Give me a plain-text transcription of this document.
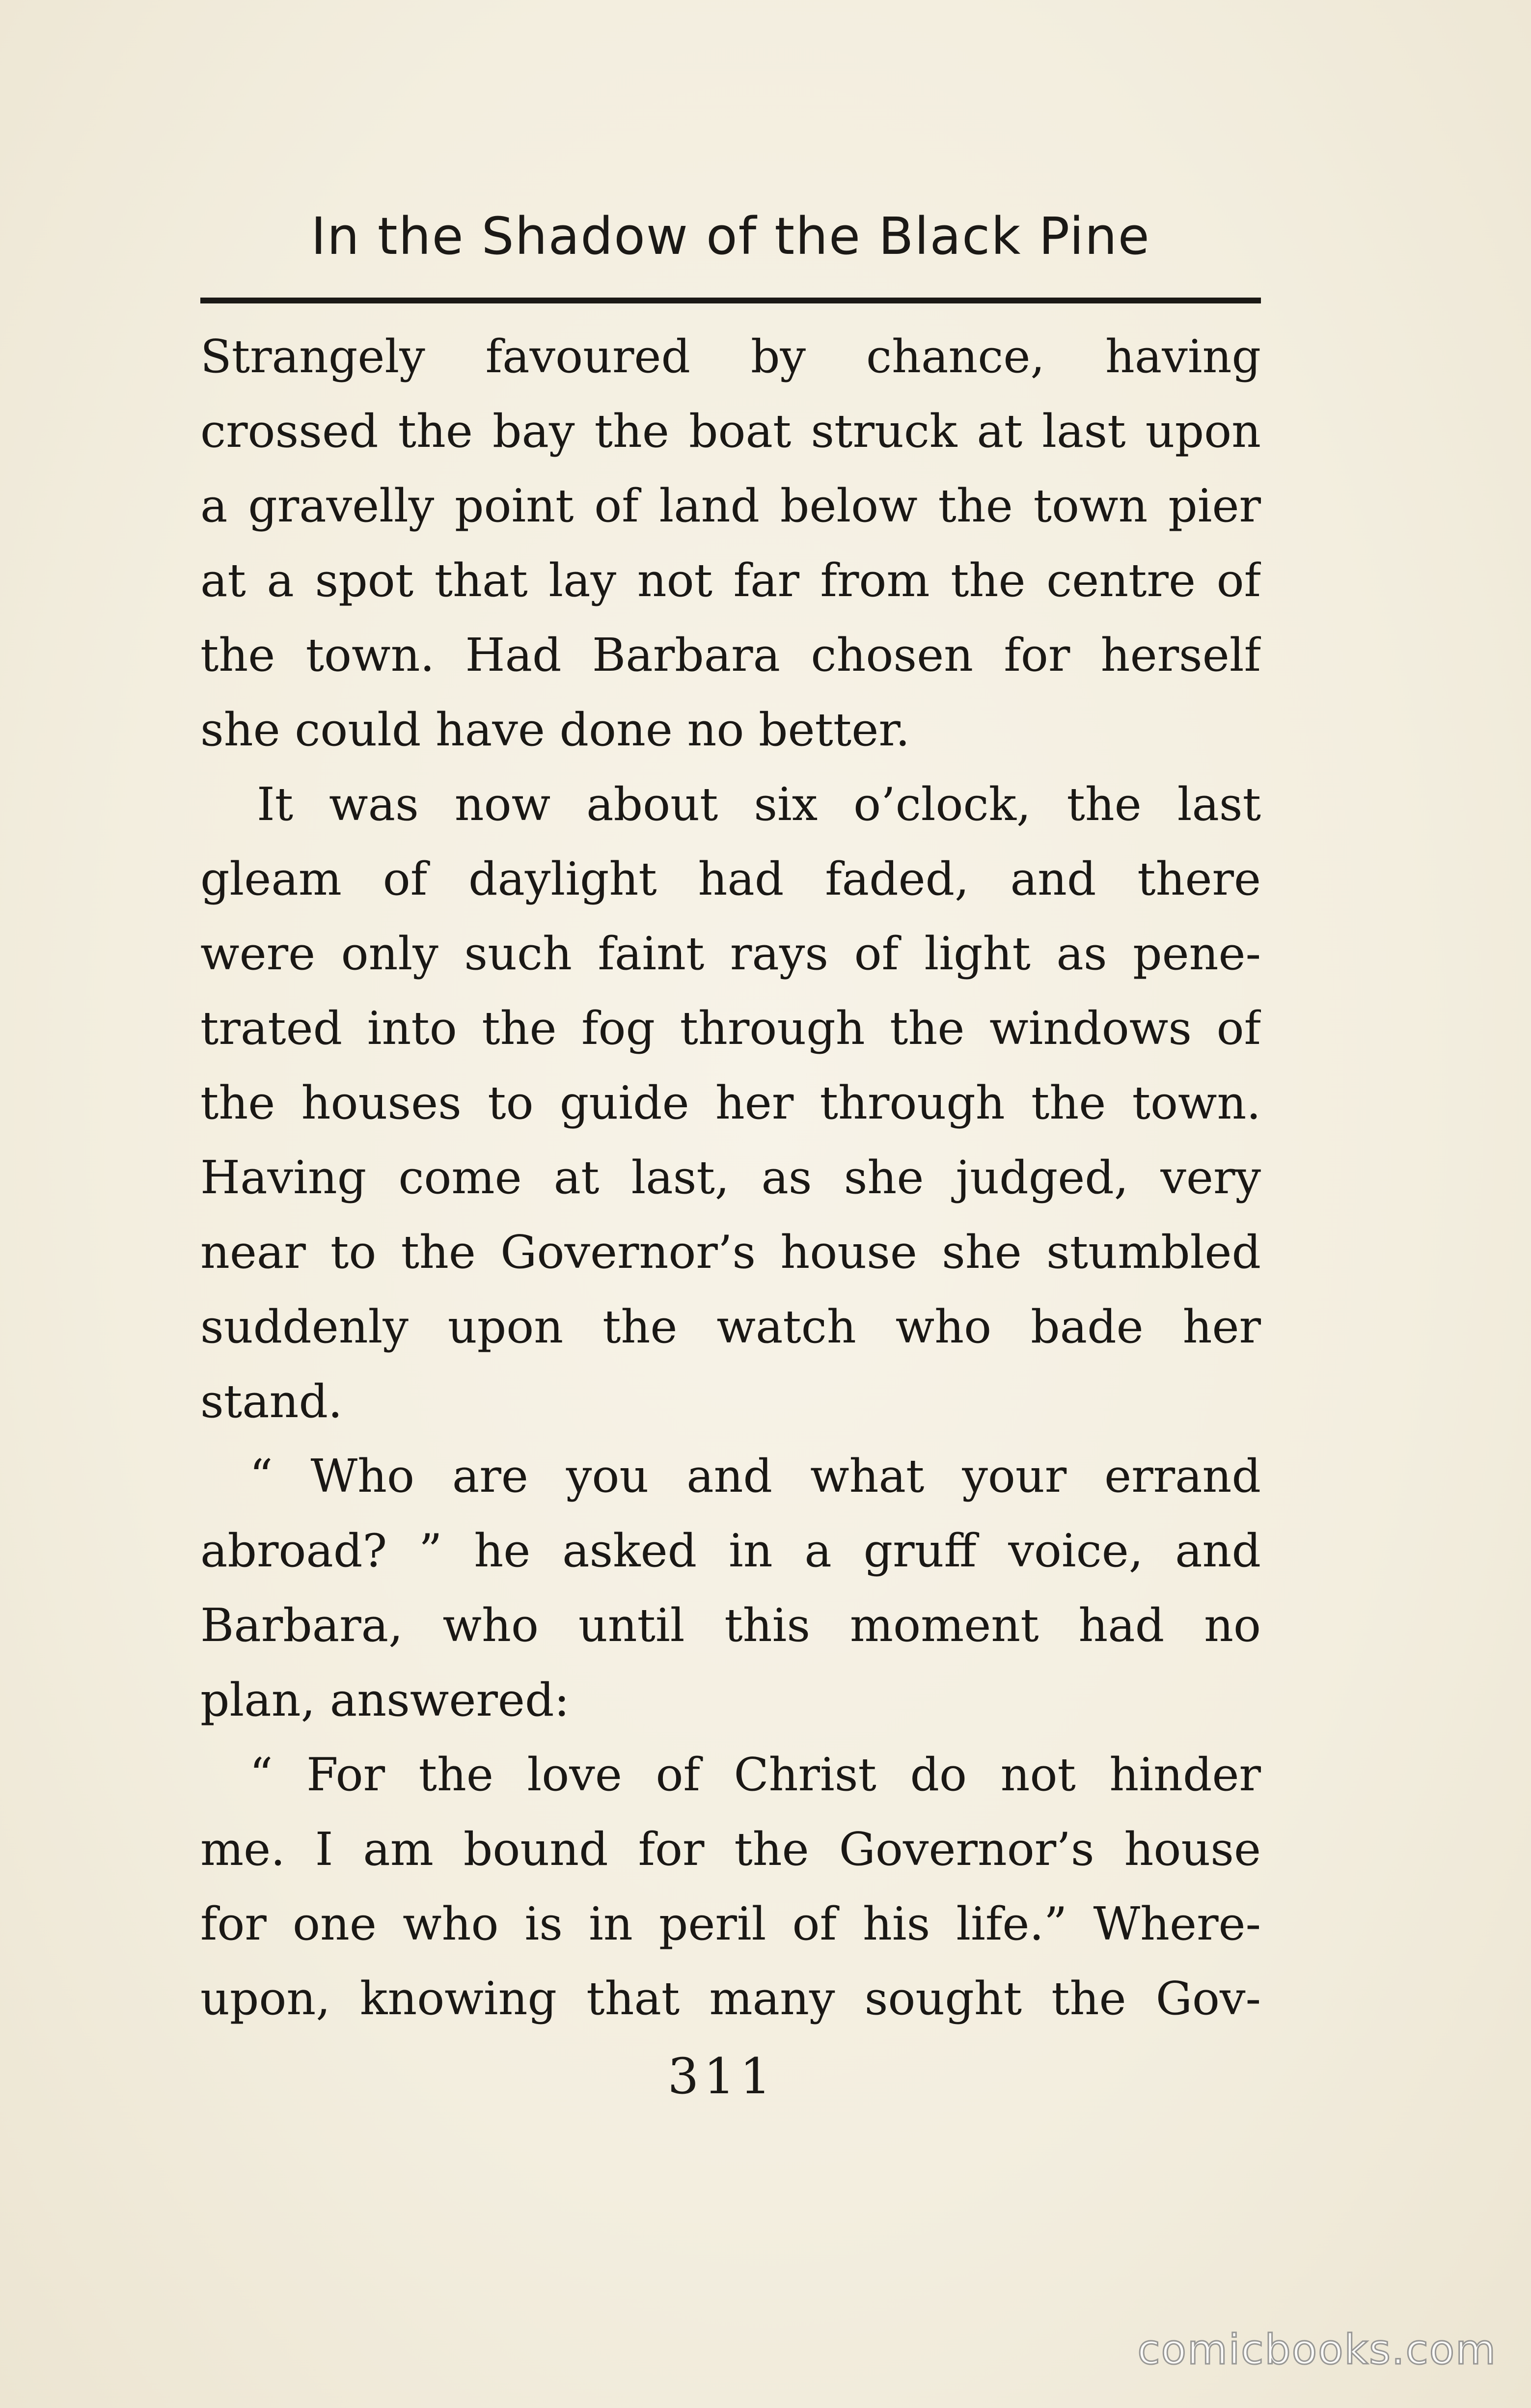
In the Shadow of the Black Pine
Strangely favoured by chance, having
crossed the bay the boat struck at last upon
a gravelly point of land below the town pier
at a spot that lay not far from the centre of
the town. Had Barbara chosen for herself
she could have done no better.
It was now about six o’clock, the last
gleam of daylight had faded, and there
were only such faint rays of light as pene-
trated into the fog through the windows of
the houses to guide her through the town.
Having come at last, as she judged, very
near to the Governor’s house she stumbled
suddenly upon the watch who bade her
stand.
“ Who are you and what your errand
abroad? ” he asked in a gruff voice, and
Barbara, who until this moment had no
plan, answered:
“ For the love of Christ do not hinder
me. I am bound for the Governor’s house
for one who is in peril of his life.” Where-
upon, knowing that many sought the Gov-
311
comicbooks.com
